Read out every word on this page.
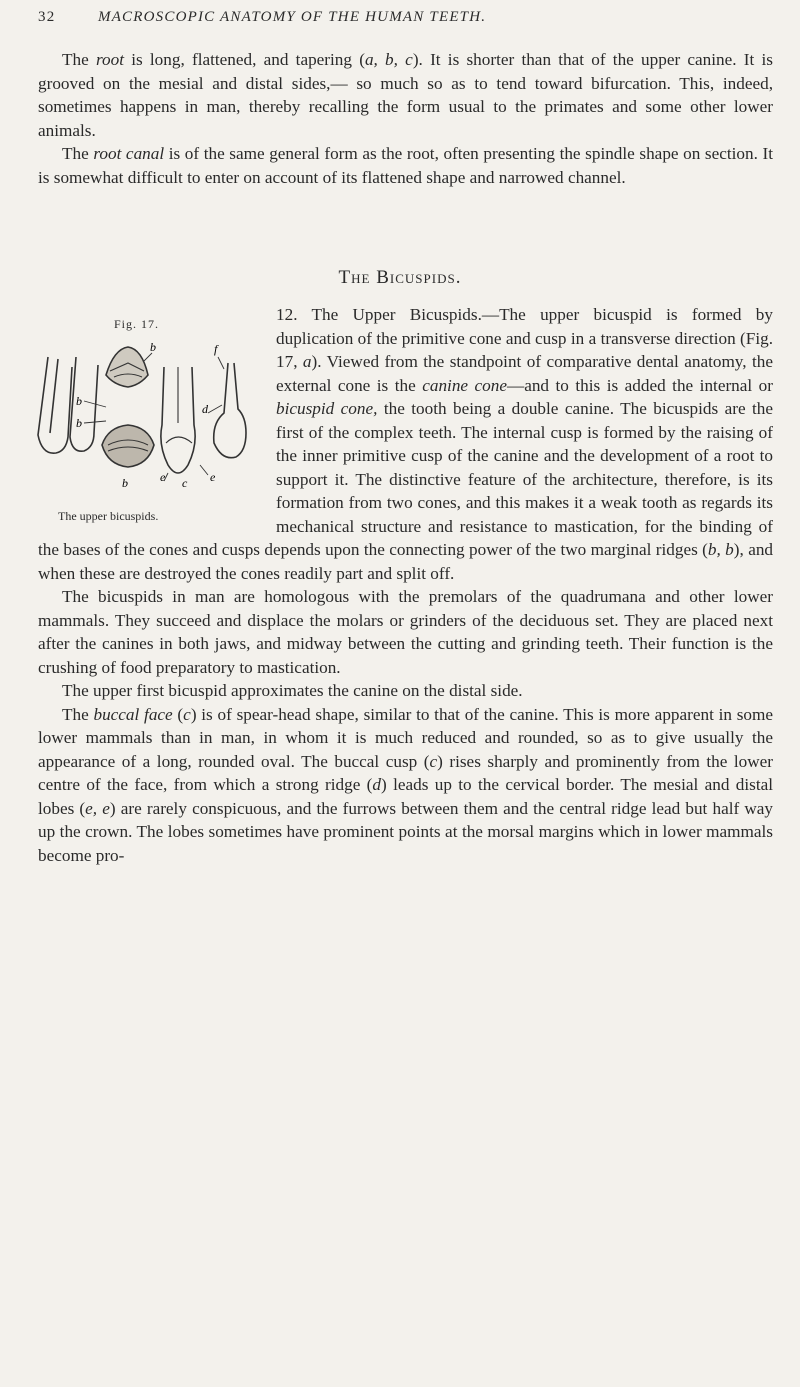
32	MACROSCOPIC ANATOMY OF THE HUMAN TEETH.

The root is long, flattened, and tapering (a, b, c). It is shorter than that of the upper canine. It is grooved on the mesial and distal sides,— so much so as to tend toward bifurcation. This, indeed, sometimes happens in man, thereby recalling the form usual to the primates and some other lower animals.

The root canal is of the same general form as the root, often presenting the spindle shape on section. It is somewhat difficult to enter on account of its flattened shape and narrowed channel.

The Bicuspids.

b
b
b
b	c
e	e
f
d
Fig. 17.
The upper bicuspids.
12. The Upper Bicuspids.—The upper bicuspid is formed by duplication of the primitive cone and cusp in a transverse direction (Fig. 17, a). Viewed from the standpoint of comparative dental anatomy, the external cone is the canine cone—and to this is added the internal or bicuspid cone, the tooth being a double canine. The bicuspids are the first of the complex teeth. The internal cusp is formed by the raising of the inner primitive cusp of the canine and the development of a root to support it. The distinctive feature of the architecture, therefore, is its formation from two cones, and this makes it a weak tooth as regards its mechanical structure and resistance to mastication, for the binding of the bases of the cones and cusps depends upon the connecting power of the two marginal ridges (b, b), and when these are destroyed the cones readily part and split off.

The bicuspids in man are homologous with the premolars of the quadrumana and other lower mammals. They succeed and displace the molars or grinders of the deciduous set. They are placed next after the canines in both jaws, and midway between the cutting and grinding teeth. Their function is the crushing of food preparatory to mastication.

The upper first bicuspid approximates the canine on the distal side.

The buccal face (c) is of spear-head shape, similar to that of the canine. This is more apparent in some lower mammals than in man, in whom it is much reduced and rounded, so as to give usually the appearance of a long, rounded oval. The buccal cusp (c) rises sharply and prominently from the lower centre of the face, from which a strong ridge (d) leads up to the cervical border. The mesial and distal lobes (e, e) are rarely conspicuous, and the furrows between them and the central ridge lead but half way up the crown. The lobes sometimes have prominent points at the morsal margins which in lower mammals become pro-
